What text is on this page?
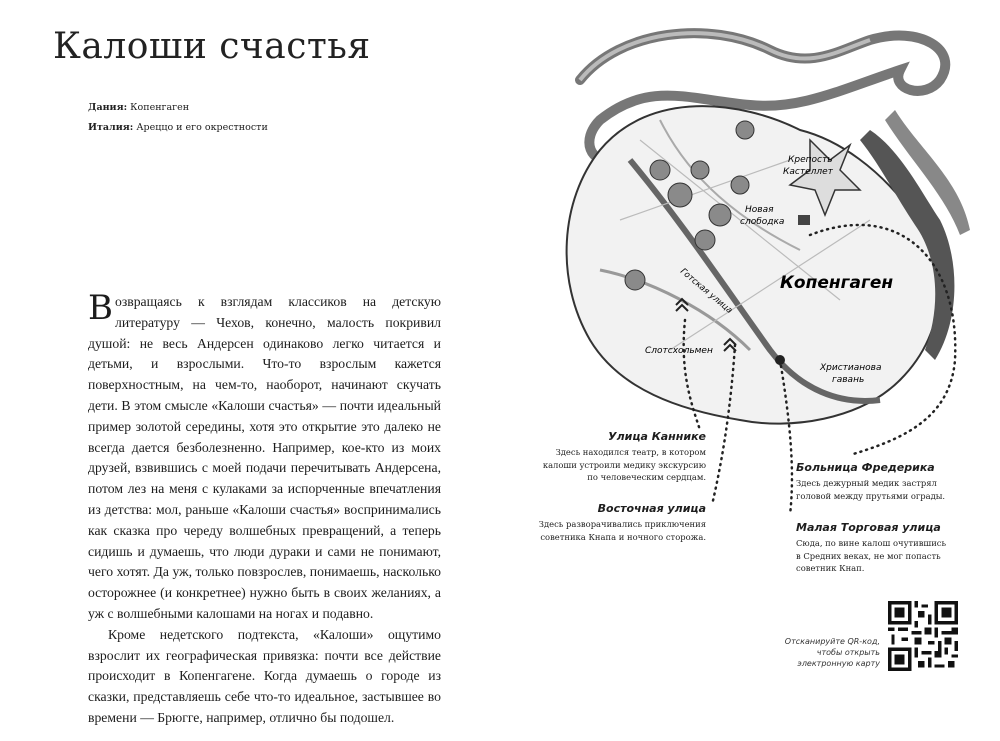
Калоши счастья
Дания: Копенгаген
Италия: Ареццо и его окрестности

Возвращаясь к взглядам классиков на детскую литературу — Чехов, конечно, малость покривил душой: не весь Андерсен одинаково легко читается и детьми, и взрослыми. Что-то взрослым кажется поверхностным, на чем-то, наоборот, начинают скучать дети. В этом смысле «Калоши счастья» — почти идеальный пример золотой середины, хотя это открытие это далеко не всегда дается безболезненно. Например, кое-кто из моих друзей, взвившись с моей подачи перечитывать Андерсена, потом лез на меня с кулаками за испорченные впечатления из детства: мол, раньше «Калоши счастья» воспринимались как сказка про череду волшебных превращений, а теперь сидишь и думаешь, что люди дураки и сами не понимают, чего хотят. Да уж, только повзрослев, понимаешь, насколько осторожнее (и конкретнее) нужно быть в своих желаниях, а уж с волшебными калошами на ногах и подавно.

Кроме недетского подтекста, «Калоши» ощутимо взрослит их географическая привязка: почти все действие происходит в Копенгагене. Когда думаешь о городе из сказки, представляешь себе что-то идеальное, застывшее во времени — Брюгге, например, отлично бы подошел.

Крепость
Кастеллет
Новая
слободка
Копенгаген
Готская улица
Слотсхольмен
Христианова
гавань
Улица Каннике
Здесь находился театр, в котором
калоши устроили медику экскурсию
по человеческим сердцам.
Восточная улица
Здесь разворачивались приключения
советника Кнапа и ночного сторожа.
Больница Фредерика
Здесь дежурный медик застрял
головой между прутьями ограды.
Малая Торговая улица
Сюда, по вине калош очутившись
в Средних веках, не мог попасть
советник Кнап.
Отсканируйте QR-код,
чтобы открыть
электронную карту
